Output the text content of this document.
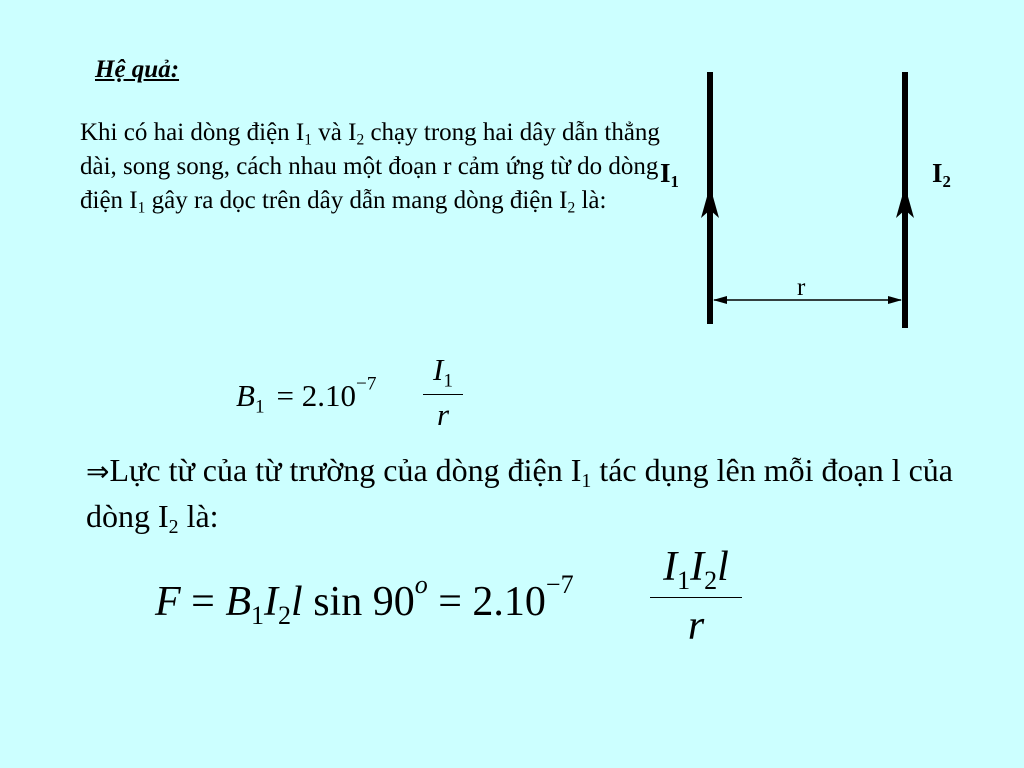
Hệ quả:
Khi có hai dòng điện $I_1$ và $I_2$ chạy trong hai dây dẫn thẳng dài, song song, cách nhau một đoạn r cảm ứng từ do dòng điện $I_1$ gây ra dọc trên dây dẫn mang dòng điện $I_2$ là:
$I_1$	$I_2$
r
$B_1 = 2.10^{-7}$	$I_1$
r
⇒Lực từ của từ trường của dòng điện $I_1$ tác dụng lên mỗi đoạn l của dòng $I_2$ là:
$F = B_1I_2l$ $\sin 90^o = 2.10^{-7}$	$I_1I_2l$
r
